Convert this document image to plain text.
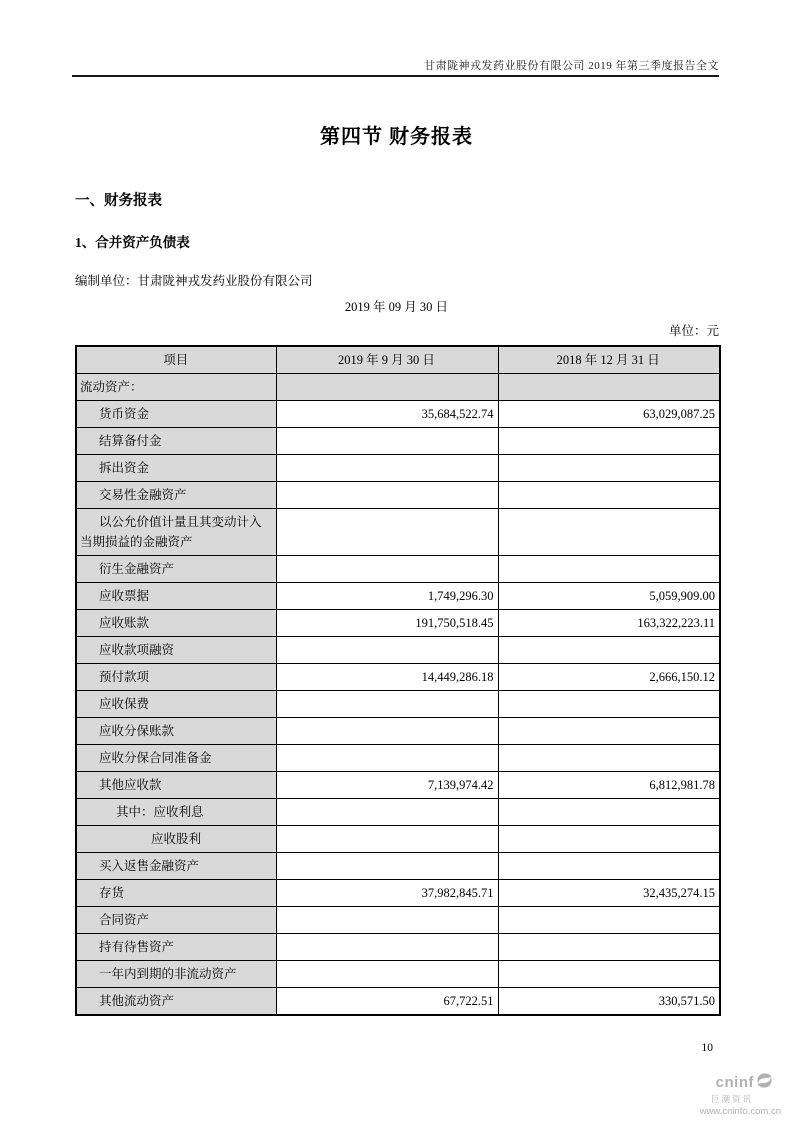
甘肃陇神戎发药业股份有限公司 2019 年第三季度报告全文
第四节 财务报表
一、财务报表
1、合并资产负债表
编制单位：甘肃陇神戎发药业股份有限公司
2019 年 09 月 30 日
单位：元
项目	2019 年 9 月 30 日	2018 年 12 月 31 日
流动资产：		
货币资金	35,684,522.74	63,029,087.25
结算备付金		
拆出资金		
交易性金融资产		
以公允价值计量且其变动计入当期损益的金融资产		
衍生金融资产		
应收票据	1,749,296.30	5,059,909.00
应收账款	191,750,518.45	163,322,223.11
应收款项融资		
预付款项	14,449,286.18	2,666,150.12
应收保费		
应收分保账款		
应收分保合同准备金		
其他应收款	7,139,974.42	6,812,981.78
其中：应收利息		
应收股利		
买入返售金融资产		
存货	37,982,845.71	32,435,274.15
合同资产		
持有待售资产		
一年内到期的非流动资产		
其他流动资产	67,722.51	330,571.50
10
cninf
巨潮资讯
www.cninfo.com.cn
